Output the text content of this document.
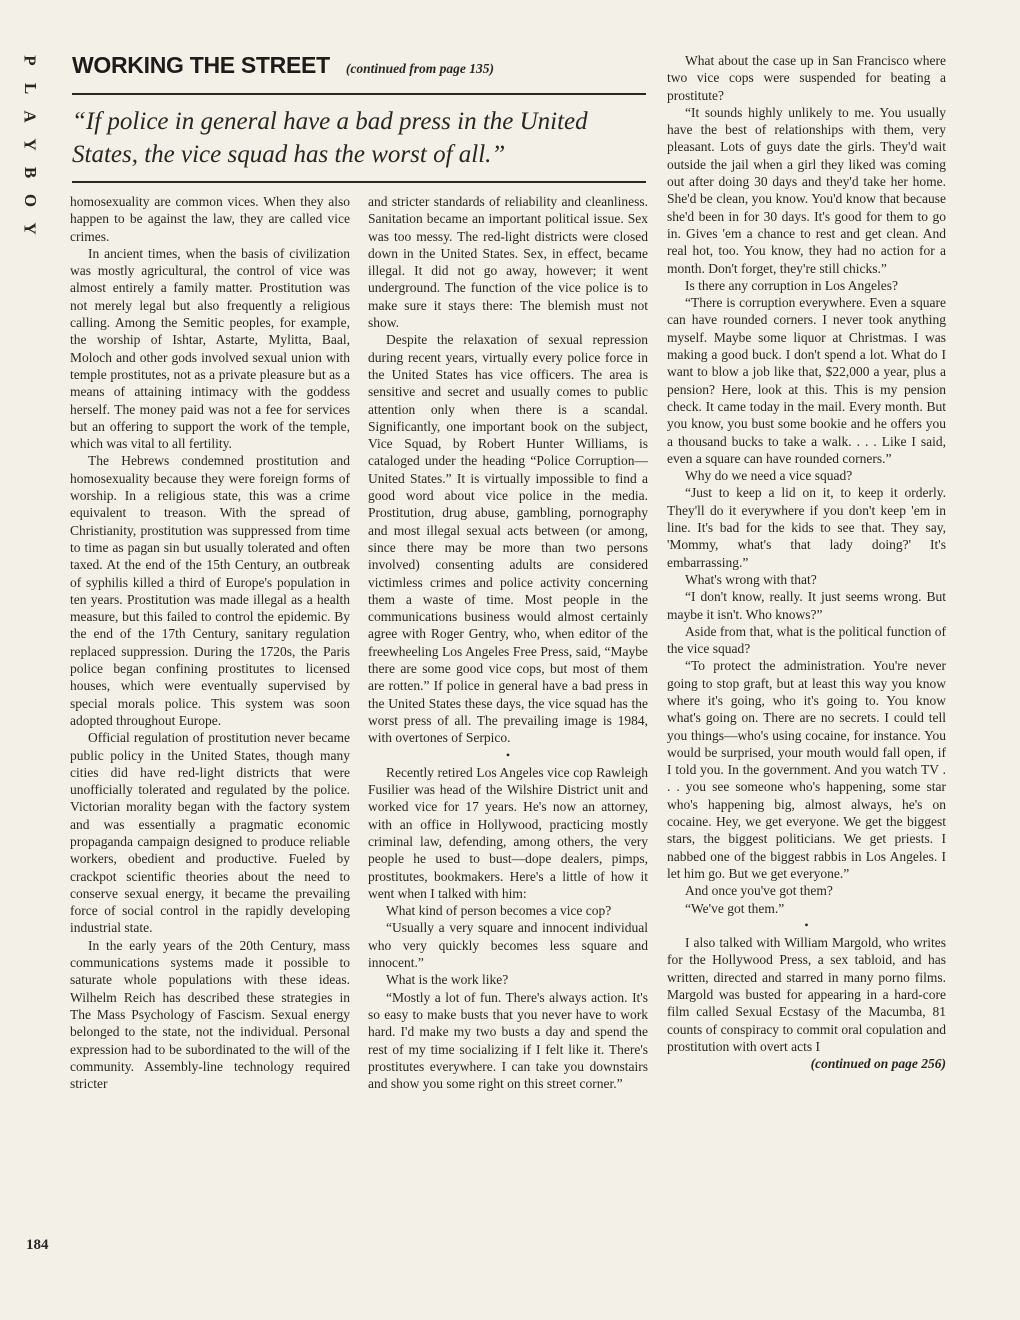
P
L
A
Y
B
O
Y
WORKING THE STREET (continued from page 135)
“If police in general have a bad press in the United States, the vice squad has the worst of all.”

homosexuality are common vices. When they also happen to be against the law, they are called vice crimes.

In ancient times, when the basis of civilization was mostly agricultural, the control of vice was almost entirely a family matter. Prostitution was not merely legal but also frequently a religious calling. Among the Semitic peoples, for example, the worship of Ishtar, Astarte, Mylitta, Baal, Moloch and other gods involved sexual union with temple prostitutes, not as a private pleasure but as a means of attaining intimacy with the goddess herself. The money paid was not a fee for services but an offering to support the work of the temple, which was vital to all fertility.

The Hebrews condemned prostitution and homosexuality because they were foreign forms of worship. In a religious state, this was a crime equivalent to treason. With the spread of Christianity, prostitution was suppressed from time to time as pagan sin but usually tolerated and often taxed. At the end of the 15th Century, an outbreak of syphilis killed a third of Europe's population in ten years. Prostitution was made illegal as a health measure, but this failed to control the epidemic. By the end of the 17th Century, sanitary regulation replaced suppression. During the 1720s, the Paris police began confining prostitutes to licensed houses, which were eventually supervised by special morals police. This system was soon adopted throughout Europe.

Official regulation of prostitution never became public policy in the United States, though many cities did have red-light districts that were unofficially tolerated and regulated by the police. Victorian morality began with the factory system and was essentially a pragmatic economic propaganda campaign designed to produce reliable workers, obedient and productive. Fueled by crackpot scientific theories about the need to conserve sexual energy, it became the prevailing force of social control in the rapidly developing industrial state.

In the early years of the 20th Century, mass communications systems made it possible to saturate whole populations with these ideas. Wilhelm Reich has described these strategies in The Mass Psychology of Fascism. Sexual energy belonged to the state, not the individual. Personal expression had to be subordinated to the will of the community. Assembly-line technology required stricter

and stricter standards of reliability and cleanliness. Sanitation became an important political issue. Sex was too messy. The red-light districts were closed down in the United States. Sex, in effect, became illegal. It did not go away, however; it went underground. The function of the vice police is to make sure it stays there: The blemish must not show.

Despite the relaxation of sexual repression during recent years, virtually every police force in the United States has vice officers. The area is sensitive and secret and usually comes to public attention only when there is a scandal. Significantly, one important book on the subject, Vice Squad, by Robert Hunter Williams, is cataloged under the heading “Police Corruption—United States.” It is virtually impossible to find a good word about vice police in the media. Prostitution, drug abuse, gambling, pornography and most illegal sexual acts between (or among, since there may be more than two persons involved) consenting adults are considered victimless crimes and police activity concerning them a waste of time. Most people in the communications business would almost certainly agree with Roger Gentry, who, when editor of the freewheeling Los Angeles Free Press, said, “Maybe there are some good vice cops, but most of them are rotten.” If police in general have a bad press in the United States these days, the vice squad has the worst press of all. The prevailing image is 1984, with overtones of Serpico.

•

Recently retired Los Angeles vice cop Rawleigh Fusilier was head of the Wilshire District unit and worked vice for 17 years. He's now an attorney, with an office in Hollywood, practicing mostly criminal law, defending, among others, the very people he used to bust—dope dealers, pimps, prostitutes, bookmakers. Here's a little of how it went when I talked with him:

What kind of person becomes a vice cop?

“Usually a very square and innocent individual who very quickly becomes less square and innocent.”

What is the work like?

“Mostly a lot of fun. There's always action. It's so easy to make busts that you never have to work hard. I'd make my two busts a day and spend the rest of my time socializing if I felt like it. There's prostitutes everywhere. I can take you downstairs and show you some right on this street corner.”

What about the case up in San Francisco where two vice cops were suspended for beating a prostitute?

“It sounds highly unlikely to me. You usually have the best of relationships with them, very pleasant. Lots of guys date the girls. They'd wait outside the jail when a girl they liked was coming out after doing 30 days and they'd take her home. She'd be clean, you know. You'd know that because she'd been in for 30 days. It's good for them to go in. Gives 'em a chance to rest and get clean. And real hot, too. You know, they had no action for a month. Don't forget, they're still chicks.”

Is there any corruption in Los Angeles?

“There is corruption everywhere. Even a square can have rounded corners. I never took anything myself. Maybe some liquor at Christmas. I was making a good buck. I don't spend a lot. What do I want to blow a job like that, $22,000 a year, plus a pension? Here, look at this. This is my pension check. It came today in the mail. Every month. But you know, you bust some bookie and he offers you a thousand bucks to take a walk. . . . Like I said, even a square can have rounded corners.”

Why do we need a vice squad?

“Just to keep a lid on it, to keep it orderly. They'll do it everywhere if you don't keep 'em in line. It's bad for the kids to see that. They say, 'Mommy, what's that lady doing?' It's embarrassing.”

What's wrong with that?

“I don't know, really. It just seems wrong. But maybe it isn't. Who knows?”

Aside from that, what is the political function of the vice squad?

“To protect the administration. You're never going to stop graft, but at least this way you know where it's going, who it's going to. You know what's going on. There are no secrets. I could tell you things—who's using cocaine, for instance. You would be surprised, your mouth would fall open, if I told you. In the government. And you watch TV . . . you see someone who's happening, some star who's happening big, almost always, he's on cocaine. Hey, we get everyone. We get the biggest stars, the biggest politicians. We get priests. I nabbed one of the biggest rabbis in Los Angeles. I let him go. But we get everyone.”

And once you've got them?

“We've got them.”

•

I also talked with William Margold, who writes for the Hollywood Press, a sex tabloid, and has written, directed and starred in many porno films. Margold was busted for appearing in a hard-core film called Sexual Ecstasy of the Macumba, 81 counts of conspiracy to commit oral copulation and prostitution with overt acts I

(continued on page 256)

184
